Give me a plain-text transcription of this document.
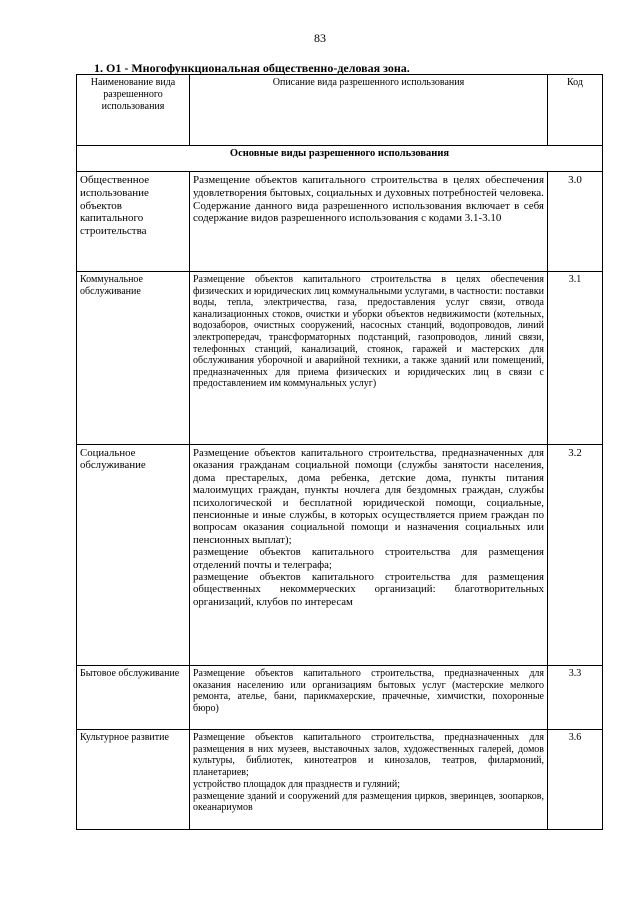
83
1. О1 - Многофункциональная общественно-деловая зона.
Наименование вида разрешенного использования	Описание вида разрешенного использования	Код
Основные виды разрешенного использования		
Общественное использование объектов капитального строительства	Размещение объектов капитального строительства в целях обеспечения удовлетворения бытовых, социальных и духовных потребностей человека.

Содержание данного вида разрешенного использования включает в себя содержание видов разрешенного использования с кодами 3.1-3.10	3.0
Коммунальное обслуживание	Размещение объектов капитального строительства в целях обеспечения физических и юридических лиц коммунальными услугами, в частности: поставки воды, тепла, электричества, газа, предоставления услуг связи, отвода канализационных стоков, очистки и уборки объектов недвижимости (котельных, водозаборов, очистных сооружений, насосных станций, водопроводов, линий электропередач, трансформаторных подстанций, газопроводов, линий связи, телефонных станций, канализаций, стоянок, гаражей и мастерских для обслуживания уборочной и аварийной техники, а также зданий или помещений, предназначенных для приема физических и юридических лиц в связи с предоставлением им коммунальных услуг)	3.1
Социальное обслуживание	Размещение объектов капитального строительства, предназначенных для оказания гражданам социальной помощи (службы занятости населения, дома престарелых, дома ребенка, детские дома, пункты питания малоимущих граждан, пункты ночлега для бездомных граждан, службы психологической и бесплатной юридической помощи, социальные, пенсионные и иные службы, в которых осуществляется прием граждан по вопросам оказания социальной помощи и назначения социальных или пенсионных выплат);

размещение объектов капитального строительства для размещения отделений почты и телеграфа;

размещение объектов капитального строительства для размещения общественных некоммерческих организаций: благотворительных организаций, клубов по интересам	3.2
Бытовое обслуживание	Размещение объектов капитального строительства, предназначенных для оказания населению или организациям бытовых услуг (мастерские мелкого ремонта, ателье, бани, парикмахерские, прачечные, химчистки, похоронные бюро)	3.3
Культурное развитие	Размещение объектов капитального строительства, предназначенных для размещения в них музеев, выставочных залов, художественных галерей, домов культуры, библиотек, кинотеатров и кинозалов, театров, филармоний, планетариев;

устройство площадок для празднеств и гуляний;

размещение зданий и сооружений для размещения цирков, зверинцев, зоопарков, океанариумов	3.6
